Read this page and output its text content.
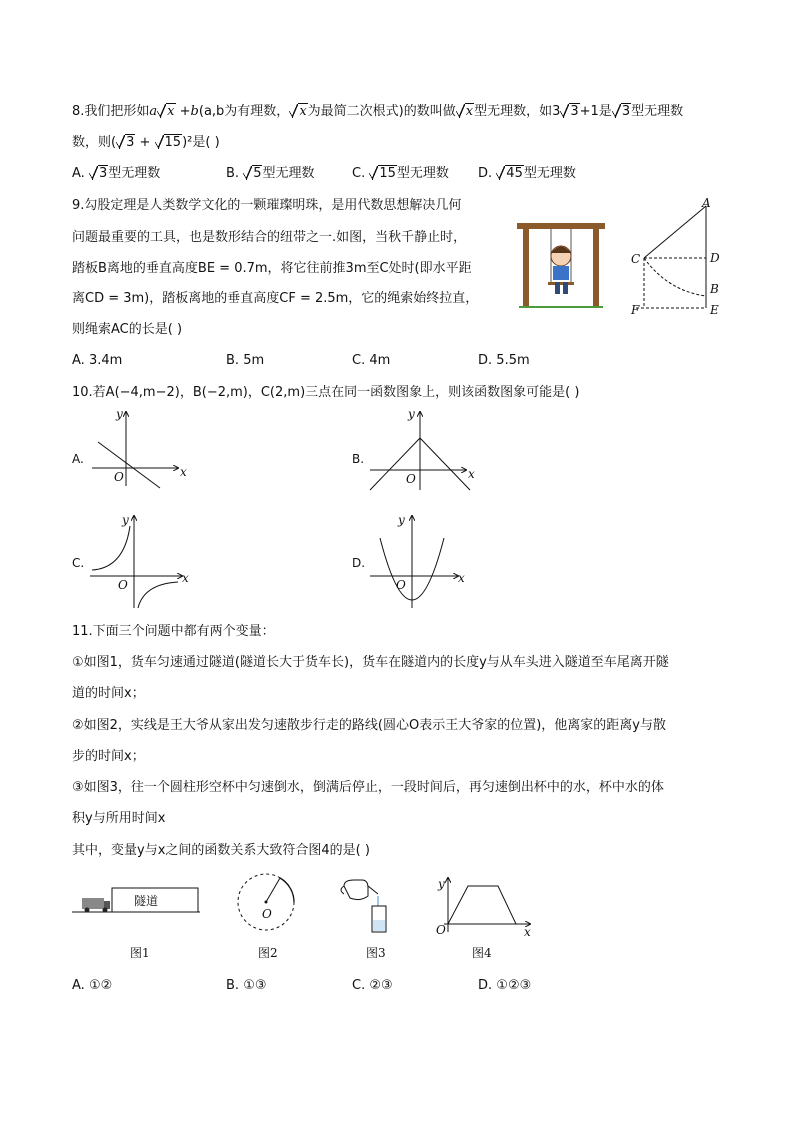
8.我们把形如a x +b(a,b为有理数， x为最简二次根式)的数叫做 x型无理数，如3 3+1是 3型无理数
数，则( 3 + 15)²是( )
A. 3型无理数	B. 5型无理数	C. 15型无理数 D. 45型无理数
9.勾股定理是人类数学文化的一颗璀璨明珠，是用代数思想解决几何
问题最重要的工具，也是数形结合的纽带之一.如图，当秋千静止时，
踏板B离地的垂直高度BE = 0.7m，将它往前推3m至C处时(即水平距
离CD = 3m)，踏板离地的垂直高度CF = 2.5m，它的绳索始终拉直，
则绳索AC的长是( )
A
C	D
B
F	E
A. 3.4m	B. 5m	C. 4m	D. 5.5m
10.若A(−4,m−2)，B(−2,m)，C(2,m)三点在同一函数图象上，则该函数图象可能是( )
A.
y
O	x
B.
y
O	x
C.
y
O	x
D.
y
O	x
11.下面三个问题中都有两个变量：
①如图1，货车匀速通过隧道(隧道长大于货车长)，货车在隧道内的长度y与从车头进入隧道至车尾离开隧
道的时间x；
②如图2，实线是王大爷从家出发匀速散步行走的路线(圆心O表示王大爷家的位置)，他离家的距离y与散
步的时间x；
③如图3，往一个圆柱形空杯中匀速倒水，倒满后停止，一段时间后，再匀速倒出杯中的水，杯中水的体
积y与所用时间x
其中，变量y与x之间的函数关系大致符合图4的是( )
隧道
O
y
O	x
图1	图2	图3	图4
A. ①②	B. ①③	C. ②③	D. ①②③
